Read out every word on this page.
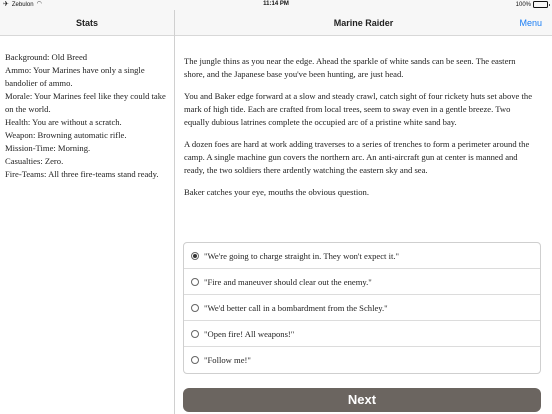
✈ Zebulon ◠	11:14 PM	100%
Stats	Marine Raider	Menu
Background: Old Breed
Ammo: Your Marines have only a single bandolier of ammo.
Morale: Your Marines feel like they could take on the world.
Health: You are without a scratch.
Weapon: Browning automatic rifle.
Mission-Time: Morning.
Casualties: Zero.
Fire-Teams: All three fire-teams stand ready.

The jungle thins as you near the edge. Ahead the sparkle of white sands can be seen. The eastern shore, and the Japanese base you've been hunting, are just head.

You and Baker edge forward at a slow and steady crawl, catch sight of four rickety huts set above the mark of high tide. Each are crafted from local trees, seem to sway even in a gentle breeze. Two equally dubious latrines complete the occupied arc of a pristine white sand bay.

A dozen foes are hard at work adding traverses to a series of trenches to form a perimeter around the camp. A single machine gun covers the northern arc. An anti-aircraft gun at center is manned and ready, the two soldiers there ardently watching the eastern sky and sea.

Baker catches your eye, mouths the obvious question.

"We're going to charge straight in. They won't expect it."
"Fire and maneuver should clear out the enemy."
"We'd better call in a bombardment from the Schley."
"Open fire! All weapons!"
"Follow me!"
Next
